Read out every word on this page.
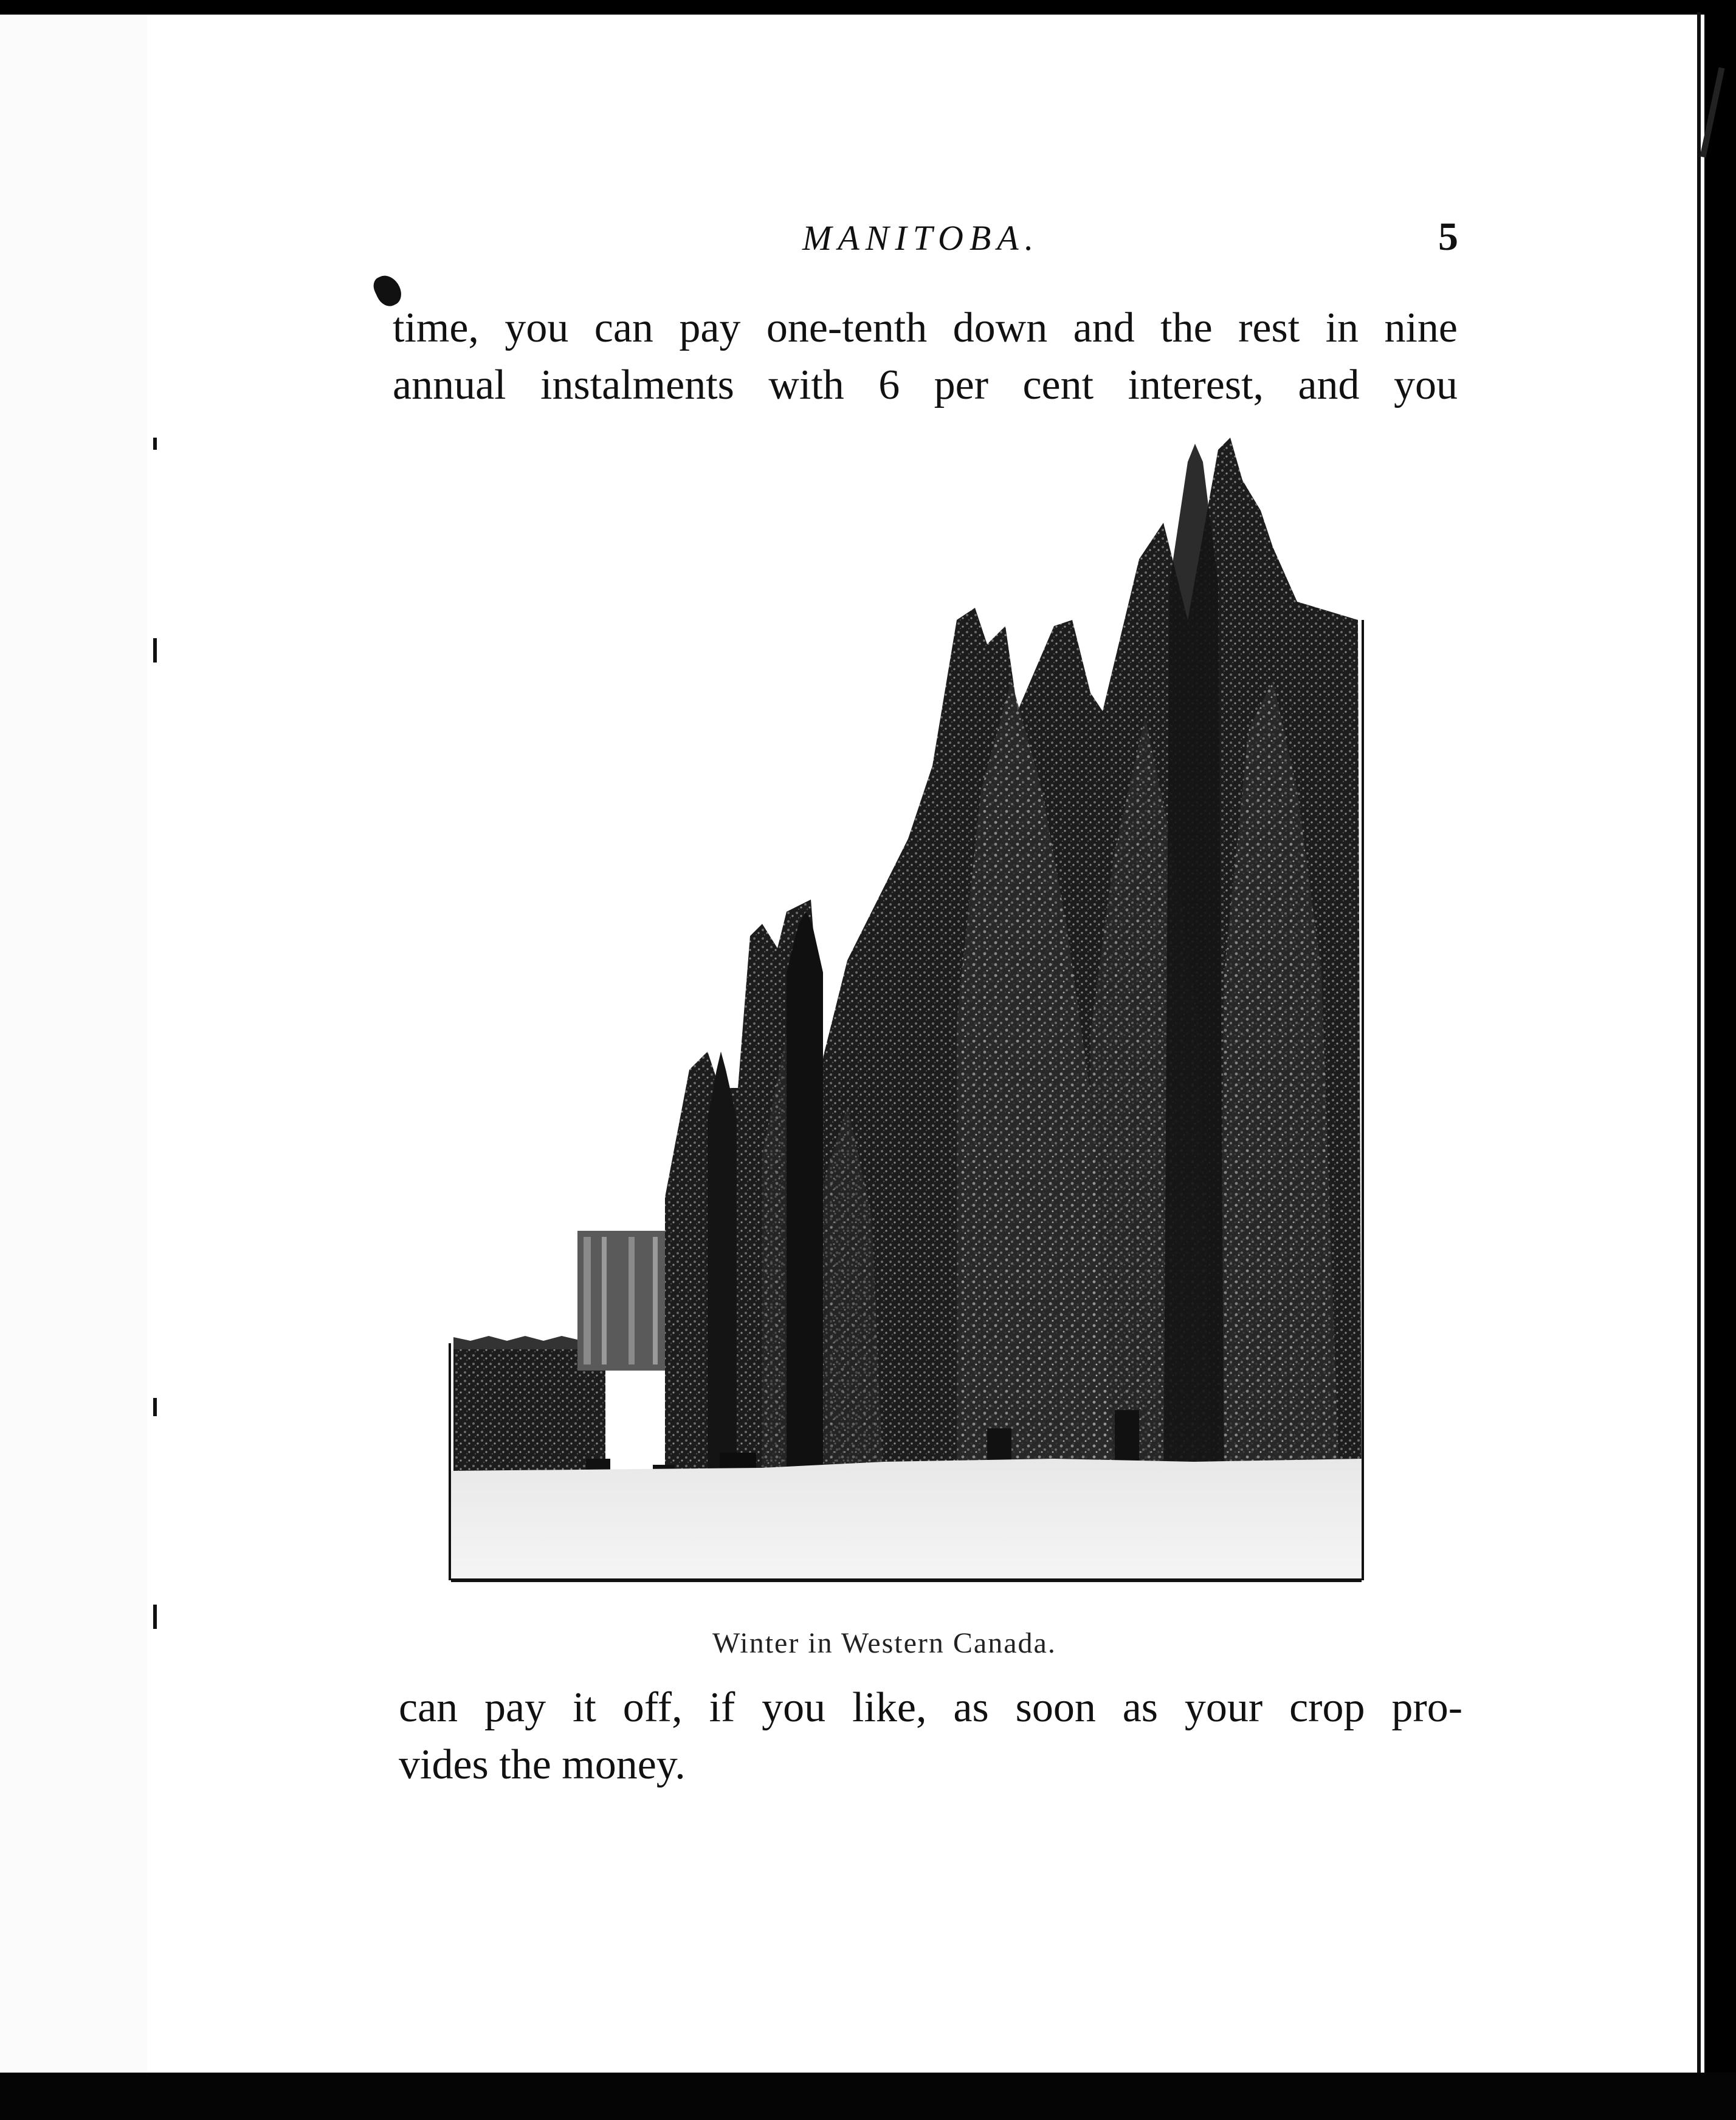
MANITOBA.	5
time, you can pay one-tenth down and the rest in nine
annual instalments with 6 per cent interest, and you
Winter in Western Canada.
can pay it off, if you like, as soon as your crop pro-
vides the money.
